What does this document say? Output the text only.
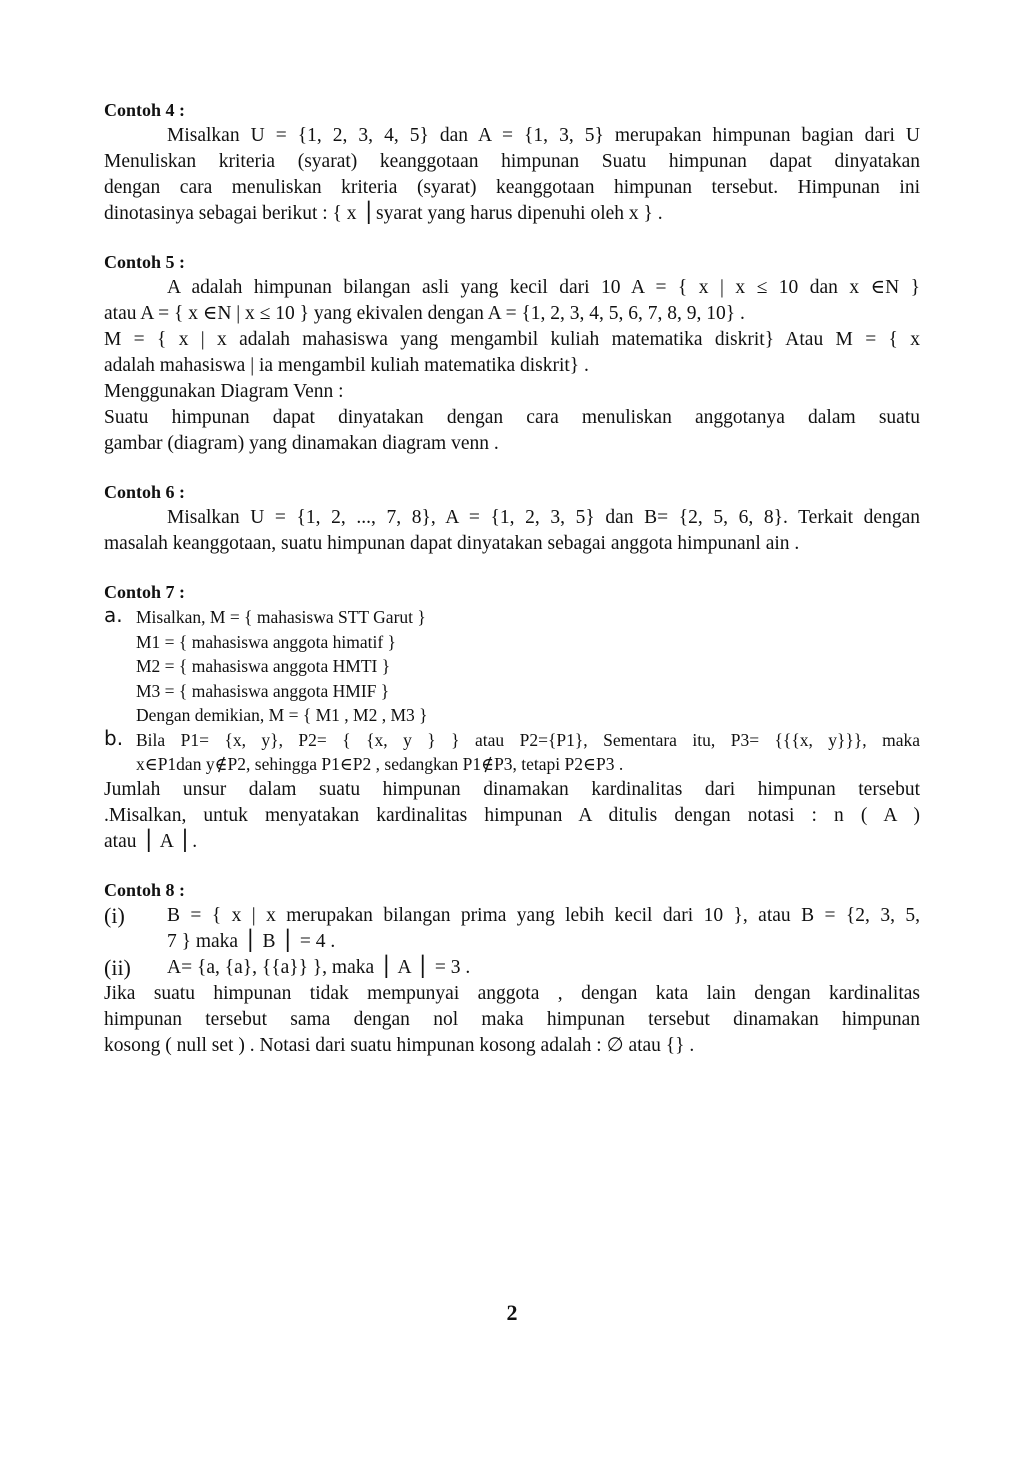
Contoh 4 :
Misalkan U = {1, 2, 3, 4, 5} dan A = {1, 3, 5} merupakan himpunan bagian dari U
Menuliskan kriteria (syarat) keanggotaan himpunan Suatu himpunan dapat dinyatakan
dengan cara menuliskan kriteria (syarat) keanggotaan himpunan tersebut. Himpunan ini
dinotasinya sebagai berikut : { x ⎪syarat yang harus dipenuhi oleh x } .
Contoh 5 :
A adalah himpunan bilangan asli yang kecil dari 10 A = { x | x ≤ 10 dan x ∈N }
atau A = { x ∈N | x ≤ 10 } yang ekivalen dengan A = {1, 2, 3, 4, 5, 6, 7, 8, 9, 10} .
M = { x | x adalah mahasiswa yang mengambil kuliah matematika diskrit} Atau M = { x
adalah mahasiswa | ia mengambil kuliah matematika diskrit} .
Menggunakan Diagram Venn :
Suatu himpunan dapat dinyatakan dengan cara menuliskan anggotanya dalam suatu
gambar (diagram) yang dinamakan diagram venn .
Contoh 6 :
Misalkan U = {1, 2, ..., 7, 8}, A = {1, 2, 3, 5} dan B= {2, 5, 6, 8}. Terkait dengan
masalah keanggotaan, suatu himpunan dapat dinyatakan sebagai anggota himpunanl ain .
Contoh 7 :
a. Misalkan, M = { mahasiswa STT Garut }
M1 = { mahasiswa anggota himatif }
M2 = { mahasiswa anggota HMTI }
M3 = { mahasiswa anggota HMIF }
Dengan demikian, M = { M1 , M2 , M3 }
b. Bila P1= {x, y}, P2= { {x, y } } atau P2={P1}, Sementara itu, P3= {{{x, y}}}, maka
x∈P1dan y∉P2, sehingga P1∈P2 , sedangkan P1∉P3, tetapi P2∈P3 .
Jumlah unsur dalam suatu himpunan dinamakan kardinalitas dari himpunan tersebut
.Misalkan, untuk menyatakan kardinalitas himpunan A ditulis dengan notasi : n ( A )
atau ⎪ A ⎪.
Contoh 8 :
(i) B = { x | x merupakan bilangan prima yang lebih kecil dari 10 }, atau B = {2, 3, 5,
7 } maka ⎪ B ⎪ = 4 .
(ii) A= {a, {a}, {{a}} }, maka ⎪ A ⎪ = 3 .
Jika suatu himpunan tidak mempunyai anggota , dengan kata lain dengan kardinalitas
himpunan tersebut sama dengan nol maka himpunan tersebut dinamakan himpunan
kosong ( null set ) . Notasi dari suatu himpunan kosong adalah : ∅ atau {} .
2
